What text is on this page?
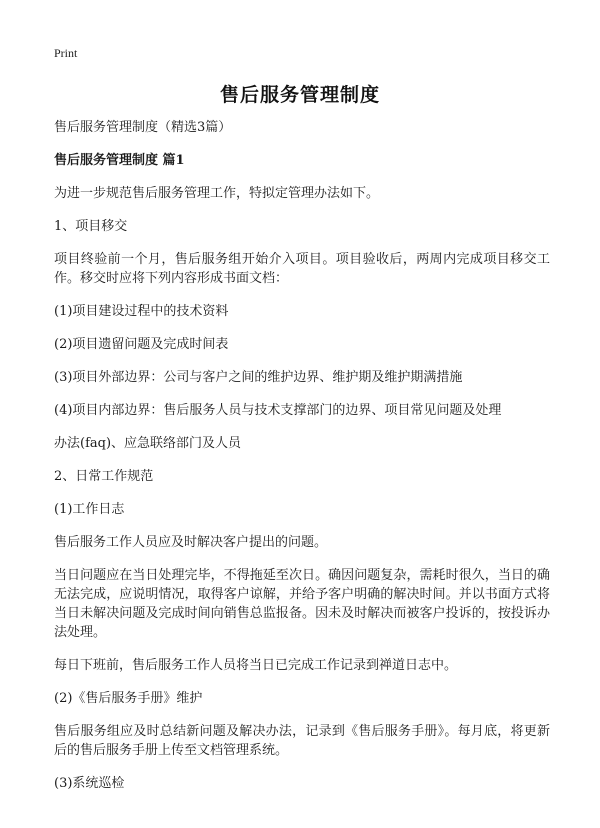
Print
售后服务管理制度

售后服务管理制度（精选3篇）

售后服务管理制度 篇1

为进一步规范售后服务管理工作，特拟定管理办法如下。

1、项目移交

项目终验前一个月，售后服务组开始介入项目。项目验收后，两周内完成项目移交工作。移交时应将下列内容形成书面文档：

(1)项目建设过程中的技术资料

(2)项目遗留问题及完成时间表

(3)项目外部边界：公司与客户之间的维护边界、维护期及维护期满措施

(4)项目内部边界：售后服务人员与技术支撑部门的边界、项目常见问题及处理

办法(faq)、应急联络部门及人员

2、日常工作规范

(1)工作日志

售后服务工作人员应及时解决客户提出的问题。

当日问题应在当日处理完毕，不得拖延至次日。确因问题复杂，需耗时很久，当日的确无法完成，应说明情况，取得客户谅解，并给予客户明确的解决时间。并以书面方式将当日未解决问题及完成时间向销售总监报备。因未及时解决而被客户投诉的，按投诉办法处理。

每日下班前，售后服务工作人员将当日已完成工作记录到禅道日志中。

(2)《售后服务手册》维护

售后服务组应及时总结新问题及解决办法，记录到《售后服务手册》。每月底，将更新后的售后服务手册上传至文档管理系统。

(3)系统巡检
